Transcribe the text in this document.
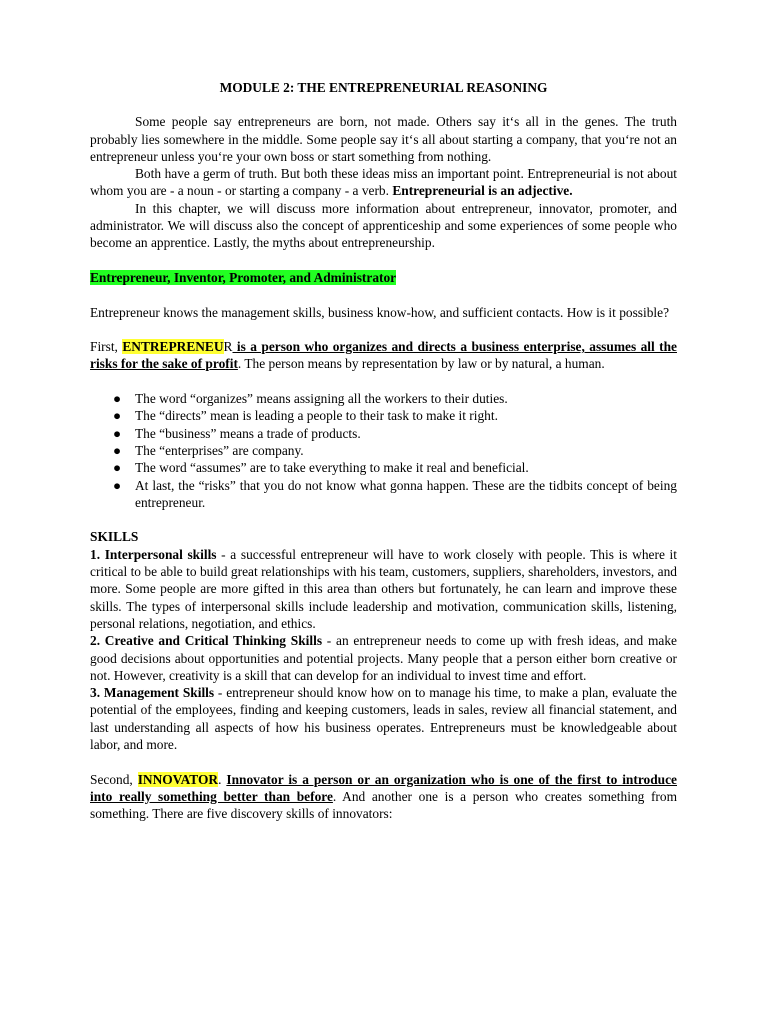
MODULE 2: THE ENTREPRENEURIAL REASONING

Some people say entrepreneurs are born, not made. Others say it‘s all in the genes. The truth probably lies somewhere in the middle. Some people say it‘s all about starting a company, that you‘re not an entrepreneur unless you‘re your own boss or start something from nothing.

Both have a germ of truth. But both these ideas miss an important point. Entrepreneurial is not about whom you are - a noun - or starting a company - a verb. Entrepreneurial is an adjective.

In this chapter, we will discuss more information about entrepreneur, innovator, promoter, and administrator. We will discuss also the concept of apprenticeship and some experiences of some people who become an apprentice. Lastly, the myths about entrepreneurship.

Entrepreneur, Inventor, Promoter, and Administrator

Entrepreneur knows the management skills, business know-how, and sufficient contacts. How is it possible?

First, ENTREPRENEUR is a person who organizes and directs a business enterprise, assumes all the risks for the sake of profit. The person means by representation by law or by natural, a human.

● The word “organizes” means assigning all the workers to their duties.
● The “directs” mean is leading a people to their task to make it right.
● The “business” means a trade of products.
● The “enterprises” are company.
● The word “assumes” are to take everything to make it real and beneficial.
● At last, the “risks” that you do not know what gonna happen. These are the tidbits concept of being entrepreneur.

SKILLS

1. Interpersonal skills - a successful entrepreneur will have to work closely with people. This is where it critical to be able to build great relationships with his team, customers, suppliers, shareholders, investors, and more. Some people are more gifted in this area than others but fortunately, he can learn and improve these skills. The types of interpersonal skills include leadership and motivation, communication skills, listening, personal relations, negotiation, and ethics.

2. Creative and Critical Thinking Skills - an entrepreneur needs to come up with fresh ideas, and make good decisions about opportunities and potential projects. Many people that a person either born creative or not. However, creativity is a skill that can develop for an individual to invest time and effort.

3. Management Skills - entrepreneur should know how on to manage his time, to make a plan, evaluate the potential of the employees, finding and keeping customers, leads in sales, review all financial statement, and last understanding all aspects of how his business operates. Entrepreneurs must be knowledgeable about labor, and more.

Second, INNOVATOR. Innovator is a person or an organization who is one of the first to introduce into really something better than before. And another one is a person who creates something from something. There are five discovery skills of innovators:
